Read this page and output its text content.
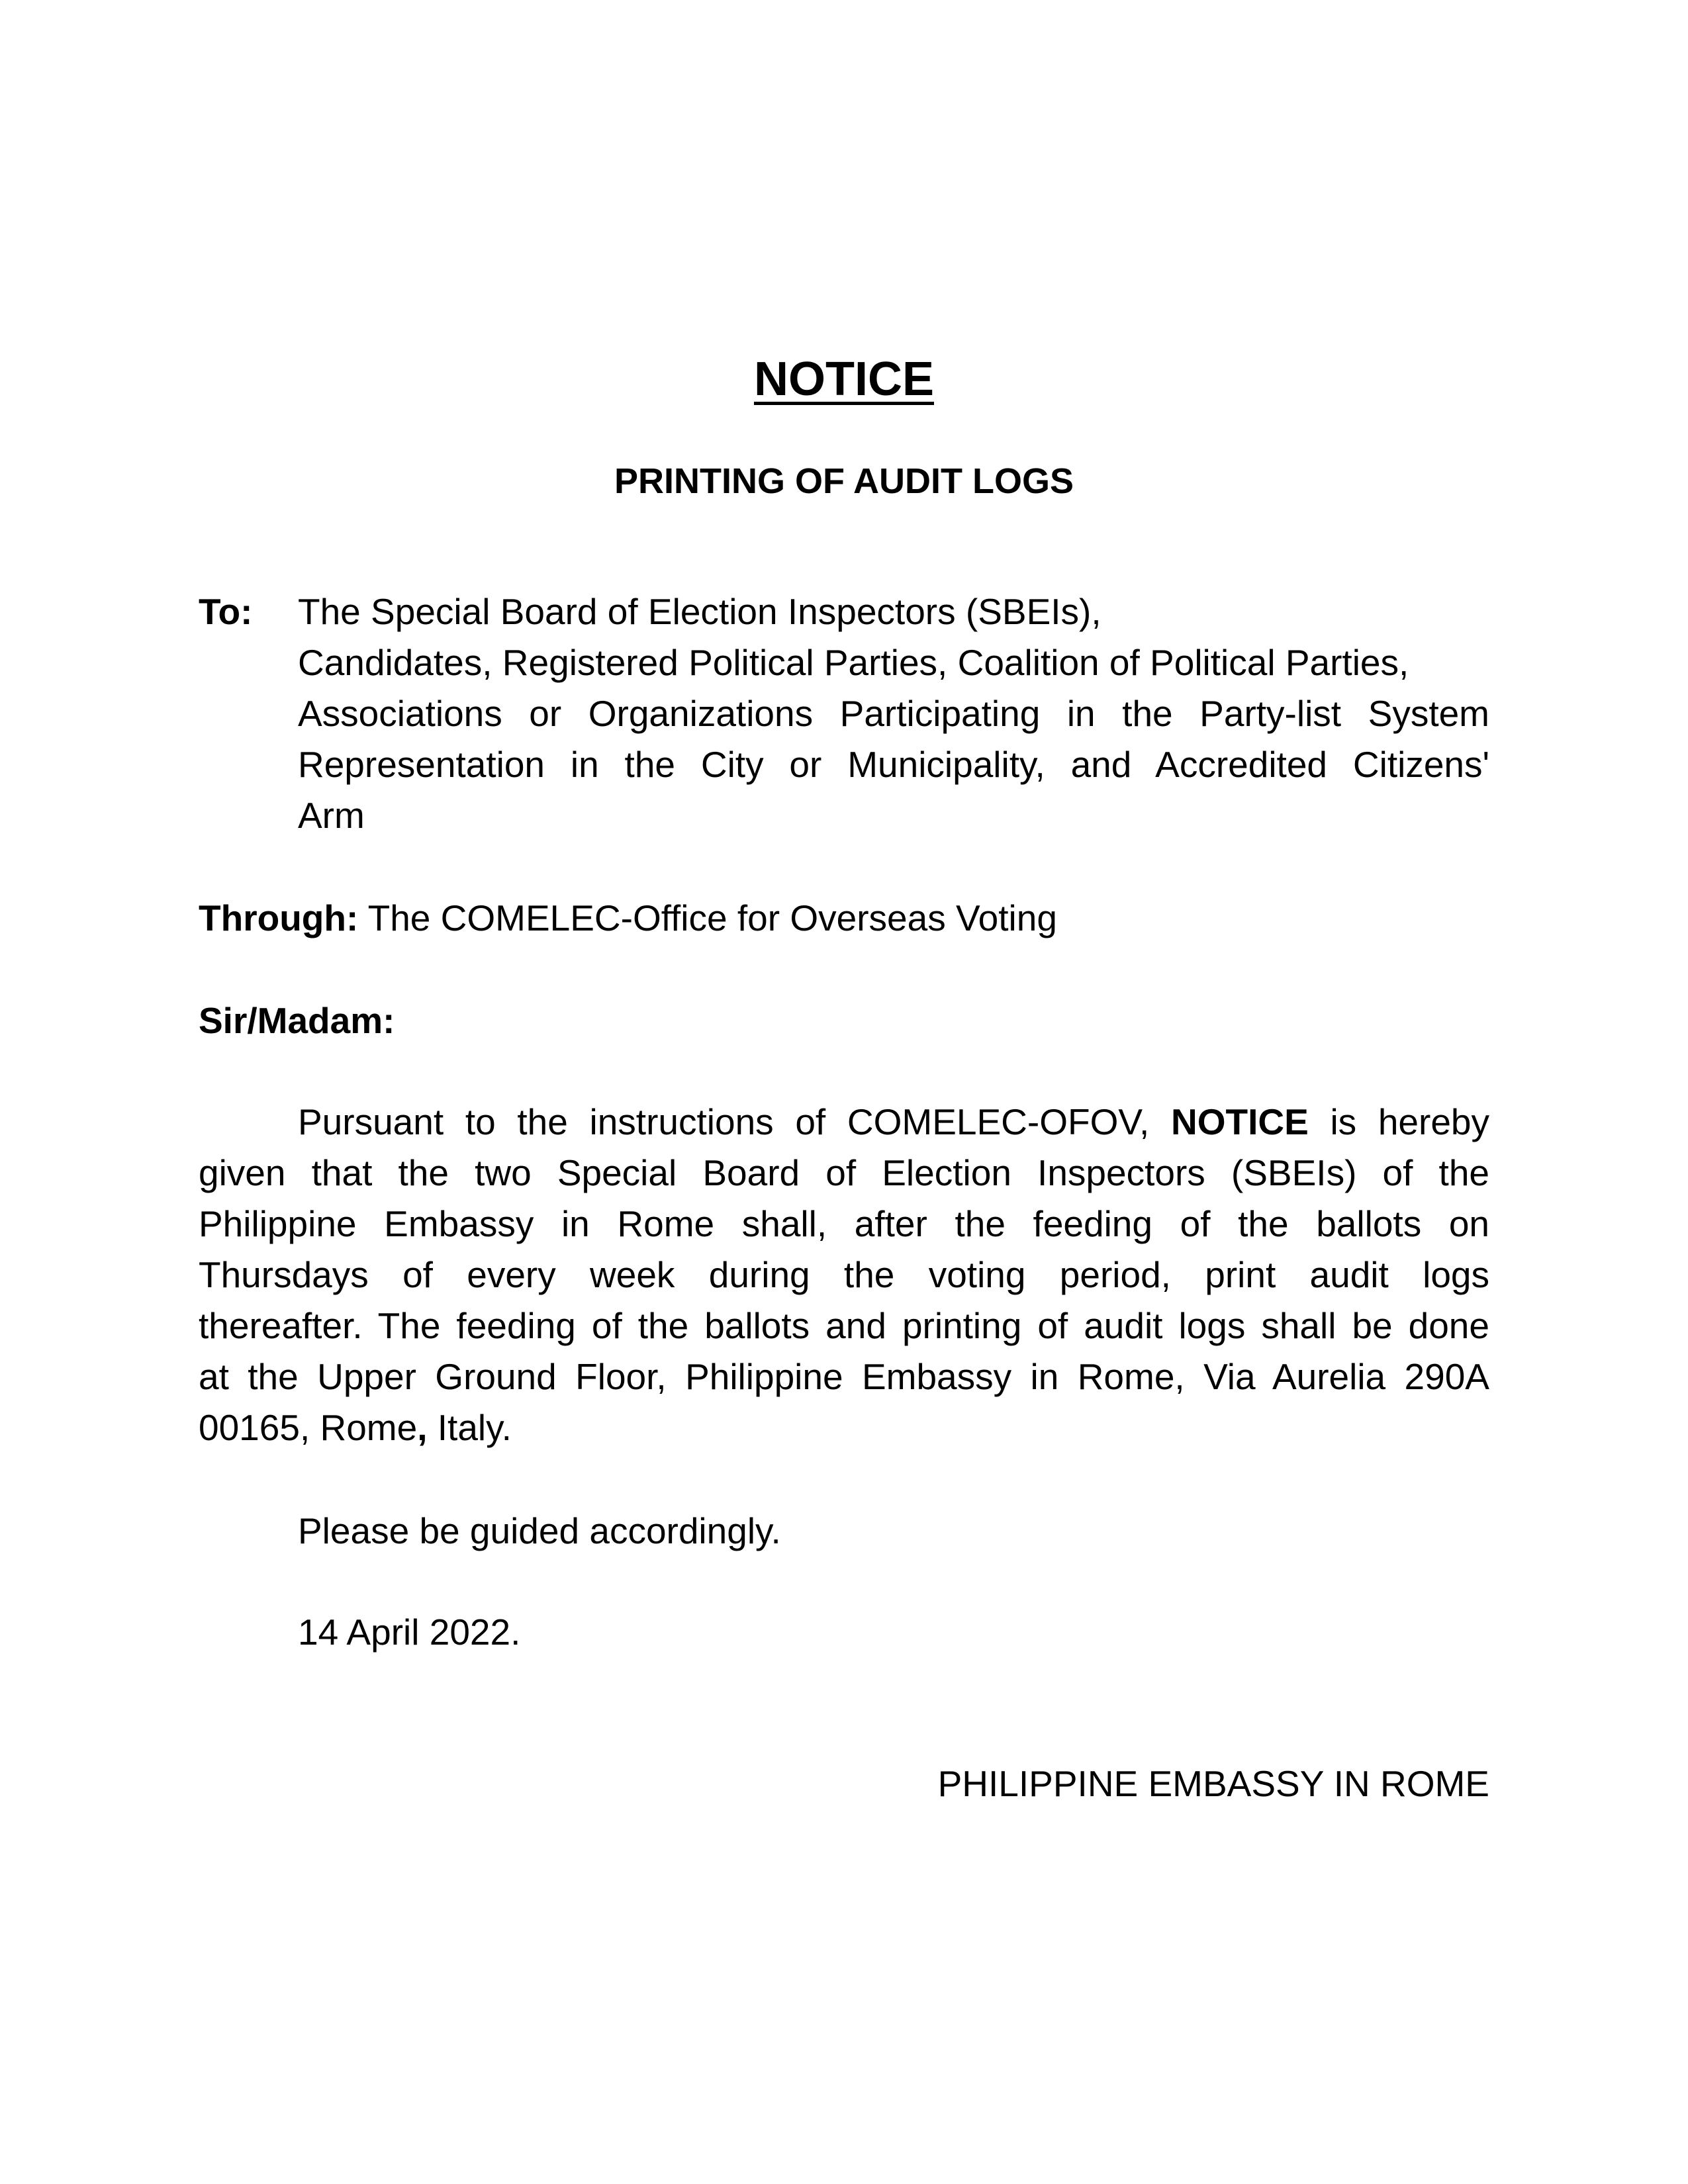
NOTICE
PRINTING OF AUDIT LOGS
To: The Special Board of Election Inspectors (SBEIs),
Candidates, Registered Political Parties, Coalition of Political Parties,
Associations or Organizations Participating in the Party-list System
Representation in the City or Municipality, and Accredited Citizens'
Arm
Through: The COMELEC-Office for Overseas Voting
Sir/Madam:
Pursuant to the instructions of COMELEC-OFOV, NOTICE is hereby
given that the two Special Board of Election Inspectors (SBEIs) of the
Philippine Embassy in Rome shall, after the feeding of the ballots on
Thursdays of every week during the voting period, print audit logs
thereafter. The feeding of the ballots and printing of audit logs shall be done
at the Upper Ground Floor, Philippine Embassy in Rome, Via Aurelia 290A
00165, Rome, Italy.
Please be guided accordingly.
14 April 2022.
PHILIPPINE EMBASSY IN ROME
